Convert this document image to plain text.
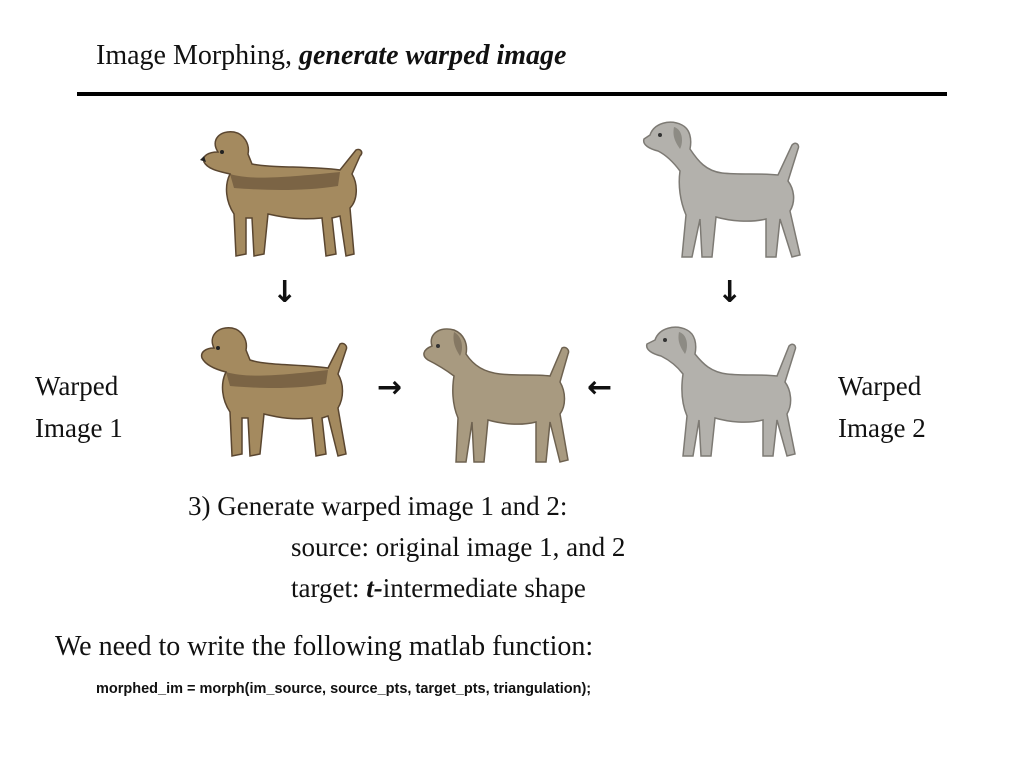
Image Morphing, generate warped image
↓	↓
→	←
Warped
Image 1
Warped
Image 2
3) Generate warped image 1 and 2:
source: original image 1, and 2
target: t-intermediate shape
We need to write the following matlab function:
morphed_im = morph(im_source, source_pts, target_pts, triangulation);
